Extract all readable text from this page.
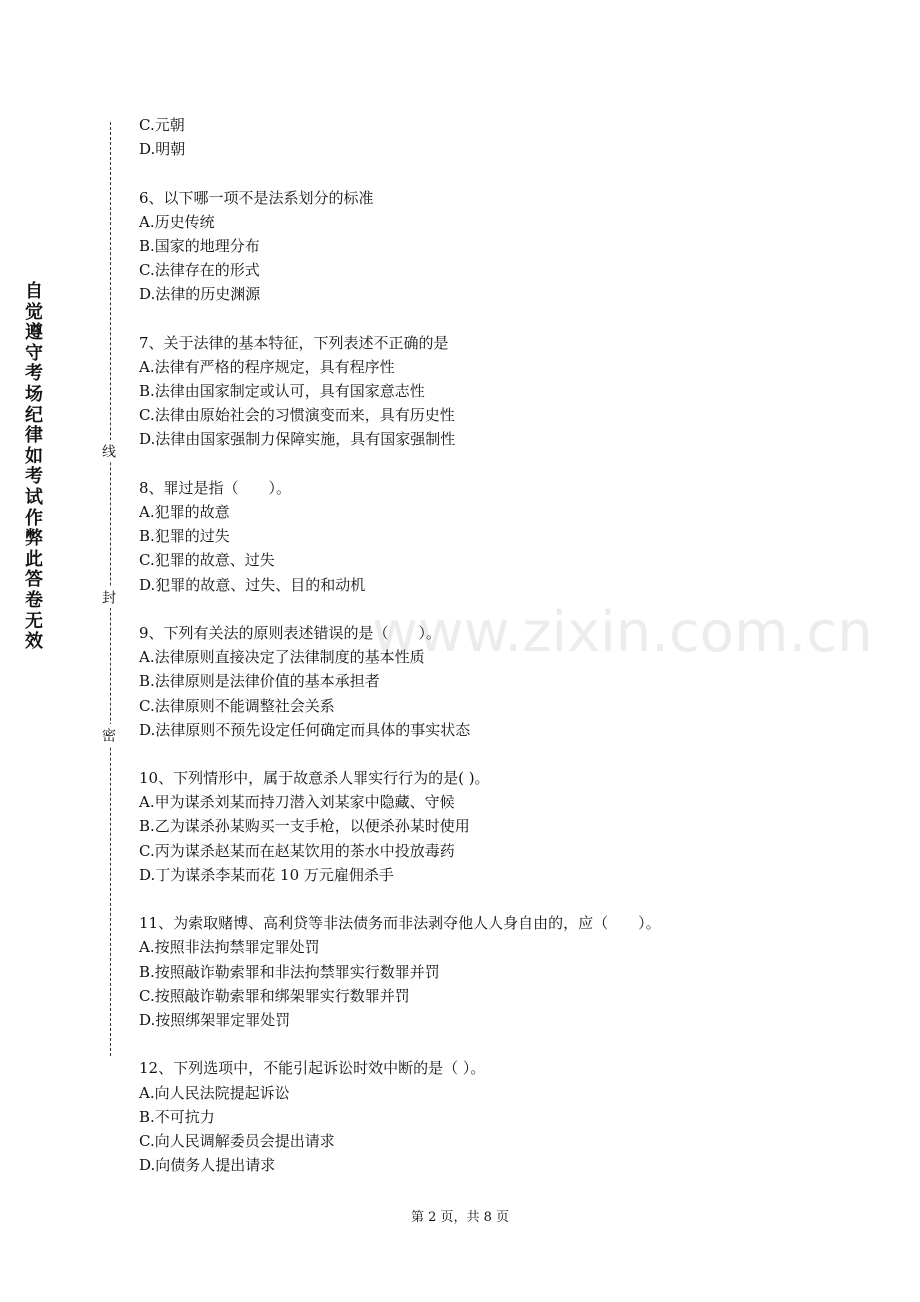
自觉遵守考场纪律如考试作弊此答卷无效
线
封
密
www.zixin.com.cn
C.元朝
D.明朝
6、以下哪一项不是法系划分的标准
A.历史传统
B.国家的地理分布
C.法律存在的形式
D.法律的历史渊源
7、关于法律的基本特征，下列表述不正确的是
A.法律有严格的程序规定，具有程序性
B.法律由国家制定或认可，具有国家意志性
C.法律由原始社会的习惯演变而来，具有历史性
D.法律由国家强制力保障实施，具有国家强制性
8、罪过是指（　　）。
A.犯罪的故意
B.犯罪的过失
C.犯罪的故意、过失
D.犯罪的故意、过失、目的和动机
9、下列有关法的原则表述错误的是（　　）。
A.法律原则直接决定了法律制度的基本性质
B.法律原则是法律价值的基本承担者
C.法律原则不能调整社会关系
D.法律原则不预先设定任何确定而具体的事实状态
10、下列情形中，属于故意杀人罪实行行为的是( )。
A.甲为谋杀刘某而持刀潜入刘某家中隐藏、守候
B.乙为谋杀孙某购买一支手枪，以便杀孙某时使用
C.丙为谋杀赵某而在赵某饮用的茶水中投放毒药
D.丁为谋杀李某而花 10 万元雇佣杀手
11、为索取赌博、高利贷等非法债务而非法剥夺他人人身自由的，应（　　）。
A.按照非法拘禁罪定罪处罚
B.按照敲诈勒索罪和非法拘禁罪实行数罪并罚
C.按照敲诈勒索罪和绑架罪实行数罪并罚
D.按照绑架罪定罪处罚
12、下列选项中，不能引起诉讼时效中断的是（ ）。
A.向人民法院提起诉讼
B.不可抗力
C.向人民调解委员会提出请求
D.向债务人提出请求
第 2 页，共 8 页
